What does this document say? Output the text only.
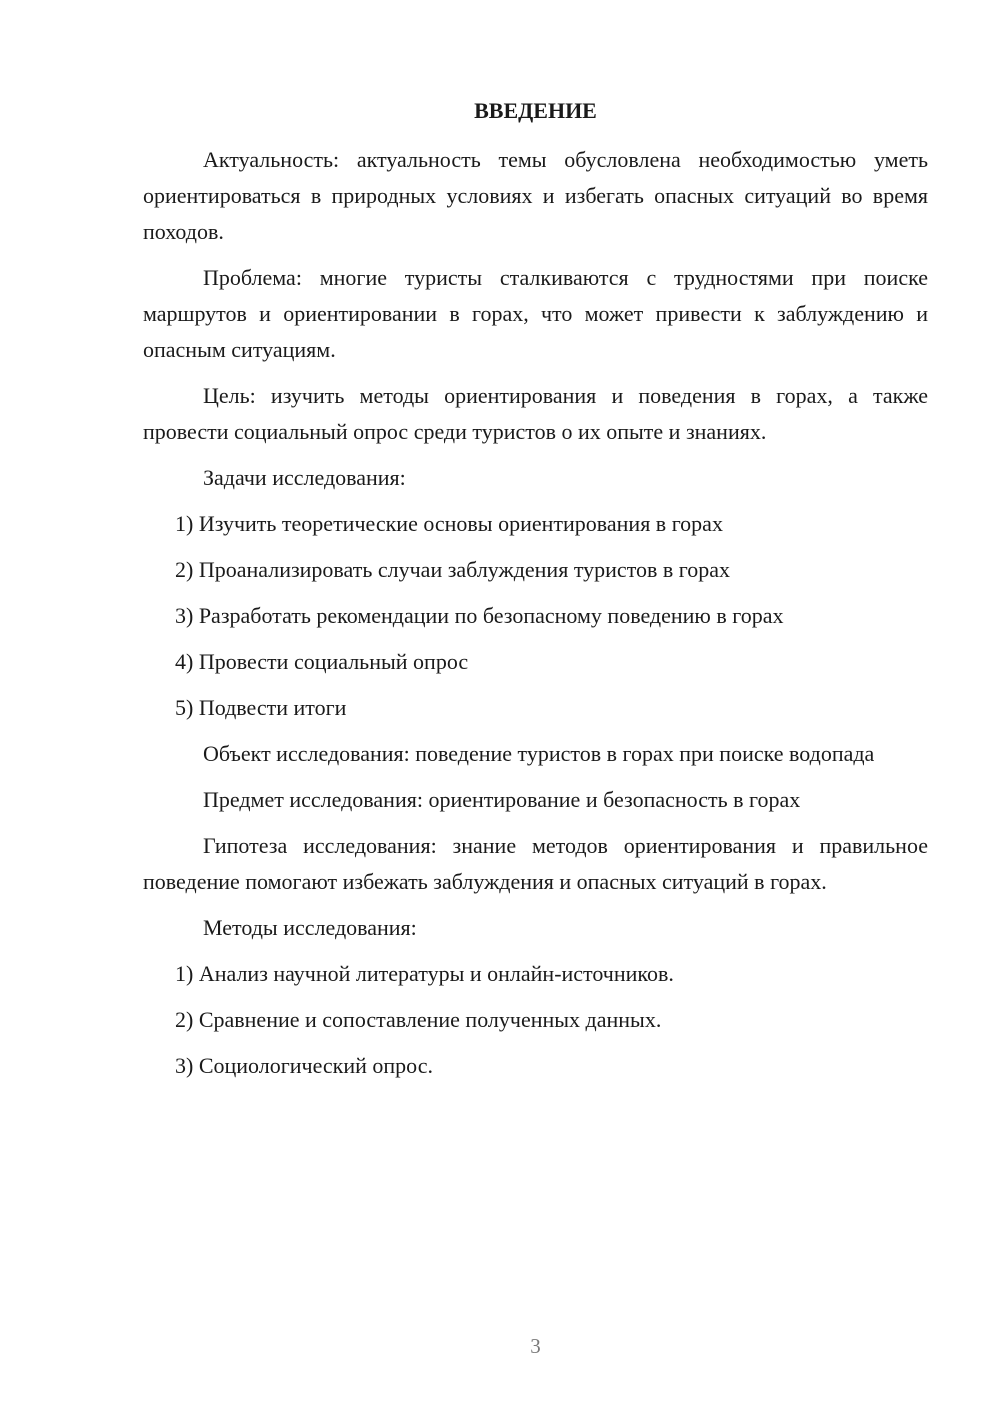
ВВЕДЕНИЕ

Актуальность: актуальность темы обусловлена необходимостью уметь ориентироваться в природных условиях и избегать опасных ситуаций во время походов.

Проблема: многие туристы сталкиваются с трудностями при поиске маршрутов и ориентировании в горах, что может привести к заблуждению и опасным ситуациям.

Цель: изучить методы ориентирования и поведения в горах, а также провести социальный опрос среди туристов о их опыте и знаниях.

Задачи исследования:

1) Изучить теоретические основы ориентирования в горах

2) Проанализировать случаи заблуждения туристов в горах

3) Разработать рекомендации по безопасному поведению в горах

4) Провести социальный опрос

5) Подвести итоги

Объект исследования: поведение туристов в горах при поиске водопада

Предмет исследования: ориентирование и безопасность в горах

Гипотеза исследования: знание методов ориентирования и правильное поведение помогают избежать заблуждения и опасных ситуаций в горах.

Методы исследования:

1) Анализ научной литературы и онлайн-источников.

2) Сравнение и сопоставление полученных данных.

3) Социологический опрос.

3
